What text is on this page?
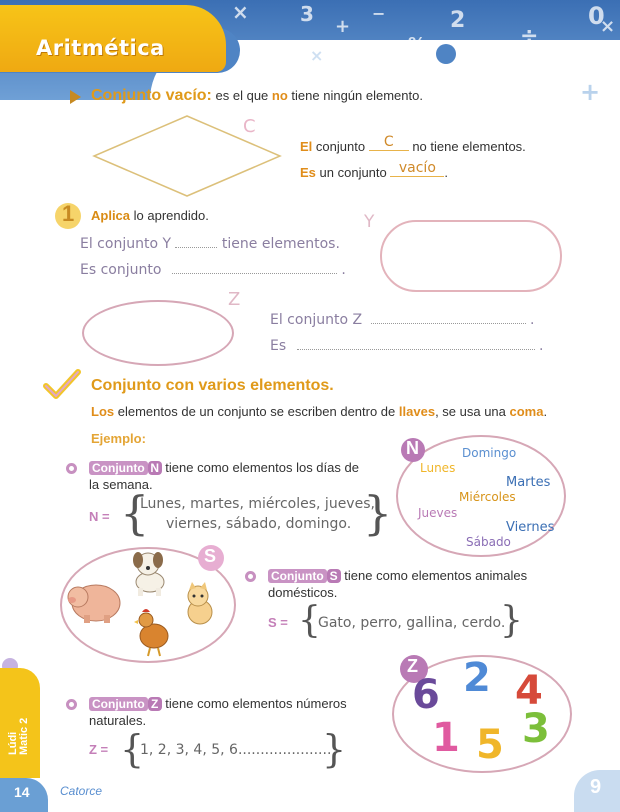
×	3
+
−
%
2
÷
0
×
+
×
Aritmética
Conjunto vacío: es el que no tiene ningún elemento.
C
El conjunto C no tiene elementos.
Es un conjunto vacío .
1 Aplica lo aprendido.
El conjunto Y	tiene elementos.
Es conjunto	.
Y
Z
El conjunto Z	.
Es	.
Conjunto con varios elementos.
Los elementos de un conjunto se escriben dentro de llaves, se usa una coma.
Ejemplo:
Conjunto N tiene como elementos los días de
la semana.
N = {
Lunes, martes, miércoles, jueves,
viernes, sábado, domingo. }
N	Domingo
Lunes
Martes
Miércoles
Jueves
Viernes
Sábado
S
Conjunto S tiene como elementos animales
domésticos.
S = {
Gato, perro, gallina, cerdo.
}
Conjunto Z tiene como elementos números
naturales.
Z = {
1, 2, 3, 4, 5, 6.....................
}
Z
6 2 4
1 5 3
Lúdi Matic 2
14	Catorce	9
